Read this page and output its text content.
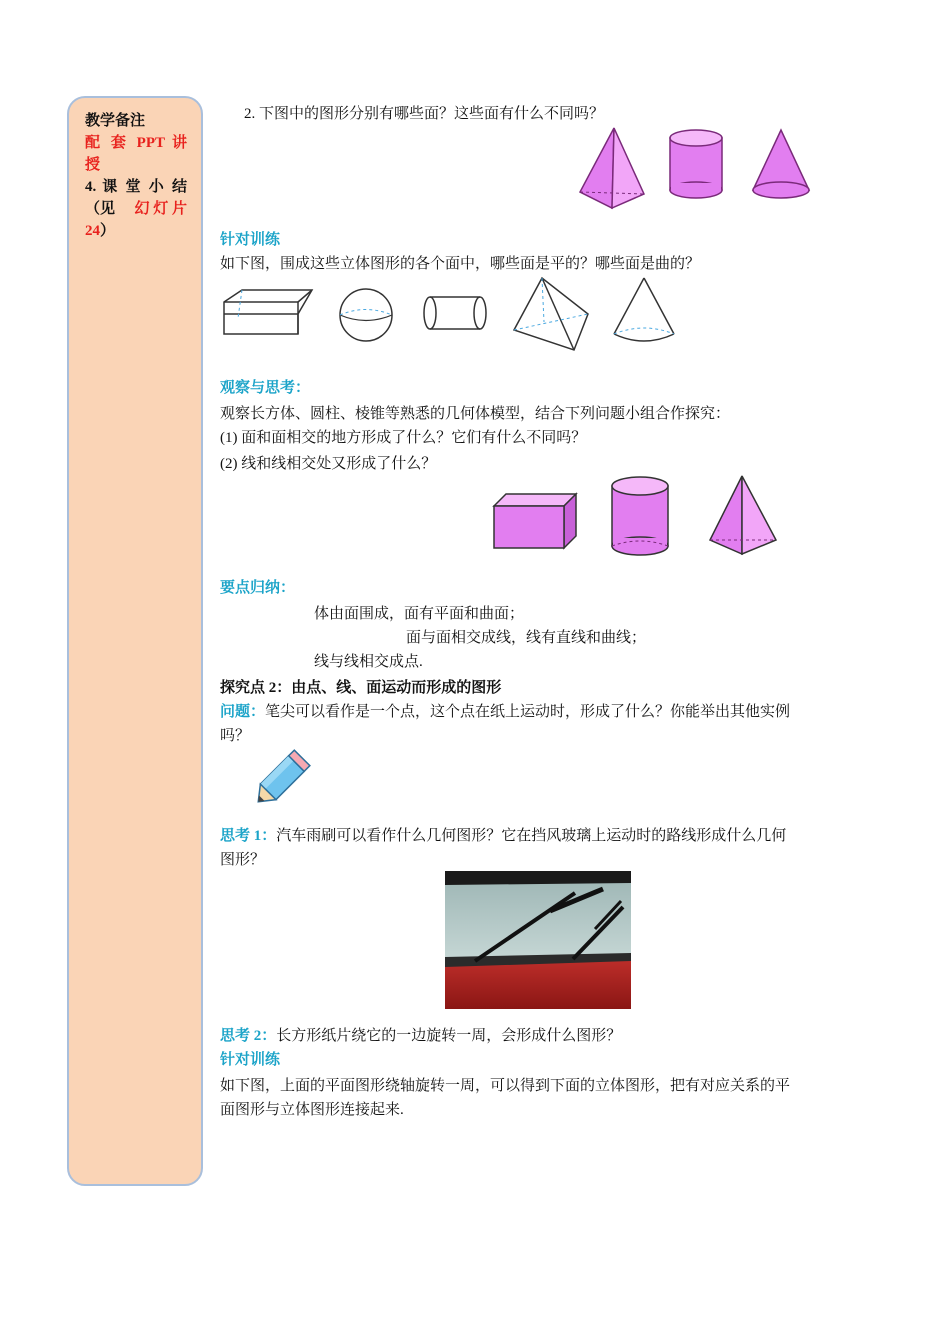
教学备注
配 套 PPT 讲
授
4. 课 堂 小 结
（见 幻 灯 片
24）
2. 下图中的图形分别有哪些面？这些面有什么不同吗？
针对训练
如下图，围成这些立体图形的各个面中，哪些面是平的？哪些面是曲的？
观察与思考：
观察长方体、圆柱、棱锥等熟悉的几何体模型，结合下列问题小组合作探究：
(1) 面和面相交的地方形成了什么？它们有什么不同吗？
(2) 线和线相交处又形成了什么？
要点归纳：
体由面围成，面有平面和曲面；
面与面相交成线，线有直线和曲线；
线与线相交成点.
探究点 2：由点、线、面运动而形成的图形
问题：笔尖可以看作是一个点，这个点在纸上运动时，形成了什么？你能举出其他实例
吗？
思考 1：汽车雨刷可以看作什么几何图形？它在挡风玻璃上运动时的路线形成什么几何
图形？
思考 2：长方形纸片绕它的一边旋转一周，会形成什么图形？
针对训练
如下图，上面的平面图形绕轴旋转一周，可以得到下面的立体图形，把有对应关系的平
面图形与立体图形连接起来.
